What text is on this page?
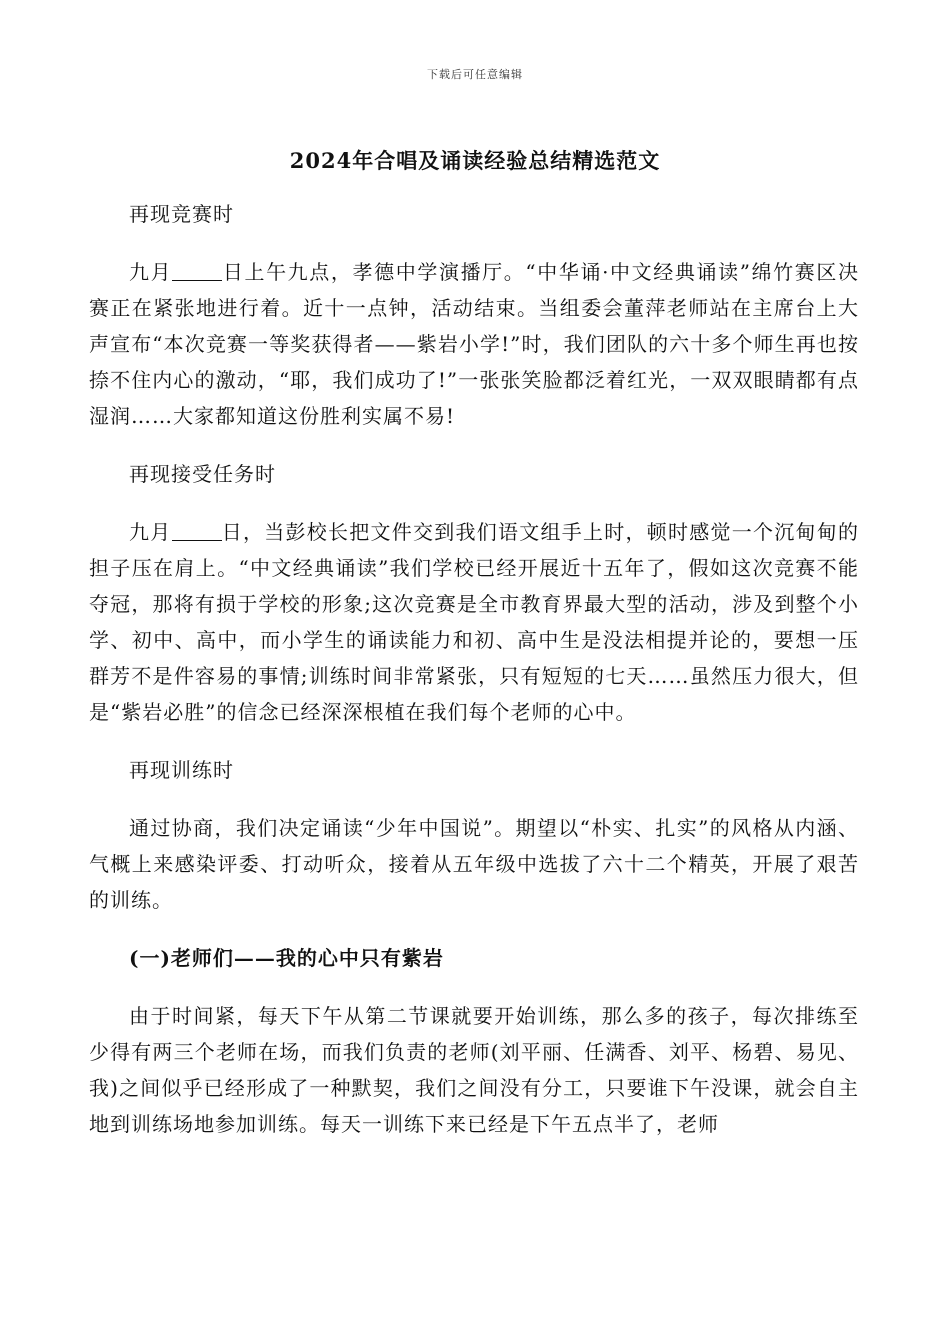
下载后可任意编辑
2024年合唱及诵读经验总结精选范文

再现竞赛时

九月	日上午九点，孝德中学演播厅。“中华诵·中文经典诵读”绵竹赛区决赛正在紧张地进行着。近十一点钟，活动结束。当组委会董萍老师站在主席台上大声宣布“本次竞赛一等奖获得者——紫岩小学!”时，我们团队的六十多个师生再也按捺不住内心的激动，“耶，我们成功了!”一张张笑脸都泛着红光，一双双眼睛都有点湿润……大家都知道这份胜利实属不易!

再现接受任务时

九月	日，当彭校长把文件交到我们语文组手上时，顿时感觉一个沉甸甸的担子压在肩上。“中文经典诵读”我们学校已经开展近十五年了，假如这次竞赛不能夺冠，那将有损于学校的形象;这次竞赛是全市教育界最大型的活动，涉及到整个小学、初中、高中，而小学生的诵读能力和初、高中生是没法相提并论的，要想一压群芳不是件容易的事情;训练时间非常紧张，只有短短的七天……虽然压力很大，但是“紫岩必胜”的信念已经深深根植在我们每个老师的心中。

再现训练时

通过协商，我们决定诵读“少年中国说”。期望以“朴实、扎实”的风格从内涵、气概上来感染评委、打动听众，接着从五年级中选拔了六十二个精英，开展了艰苦的训练。

(一)老师们——我的心中只有紫岩

由于时间紧，每天下午从第二节课就要开始训练，那么多的孩子，每次排练至少得有两三个老师在场，而我们负责的老师(刘平丽、任满香、刘平、杨碧、易见、我)之间似乎已经形成了一种默契，我们之间没有分工，只要谁下午没课，就会自主地到训练场地参加训练。每天一训练下来已经是下午五点半了，老师
